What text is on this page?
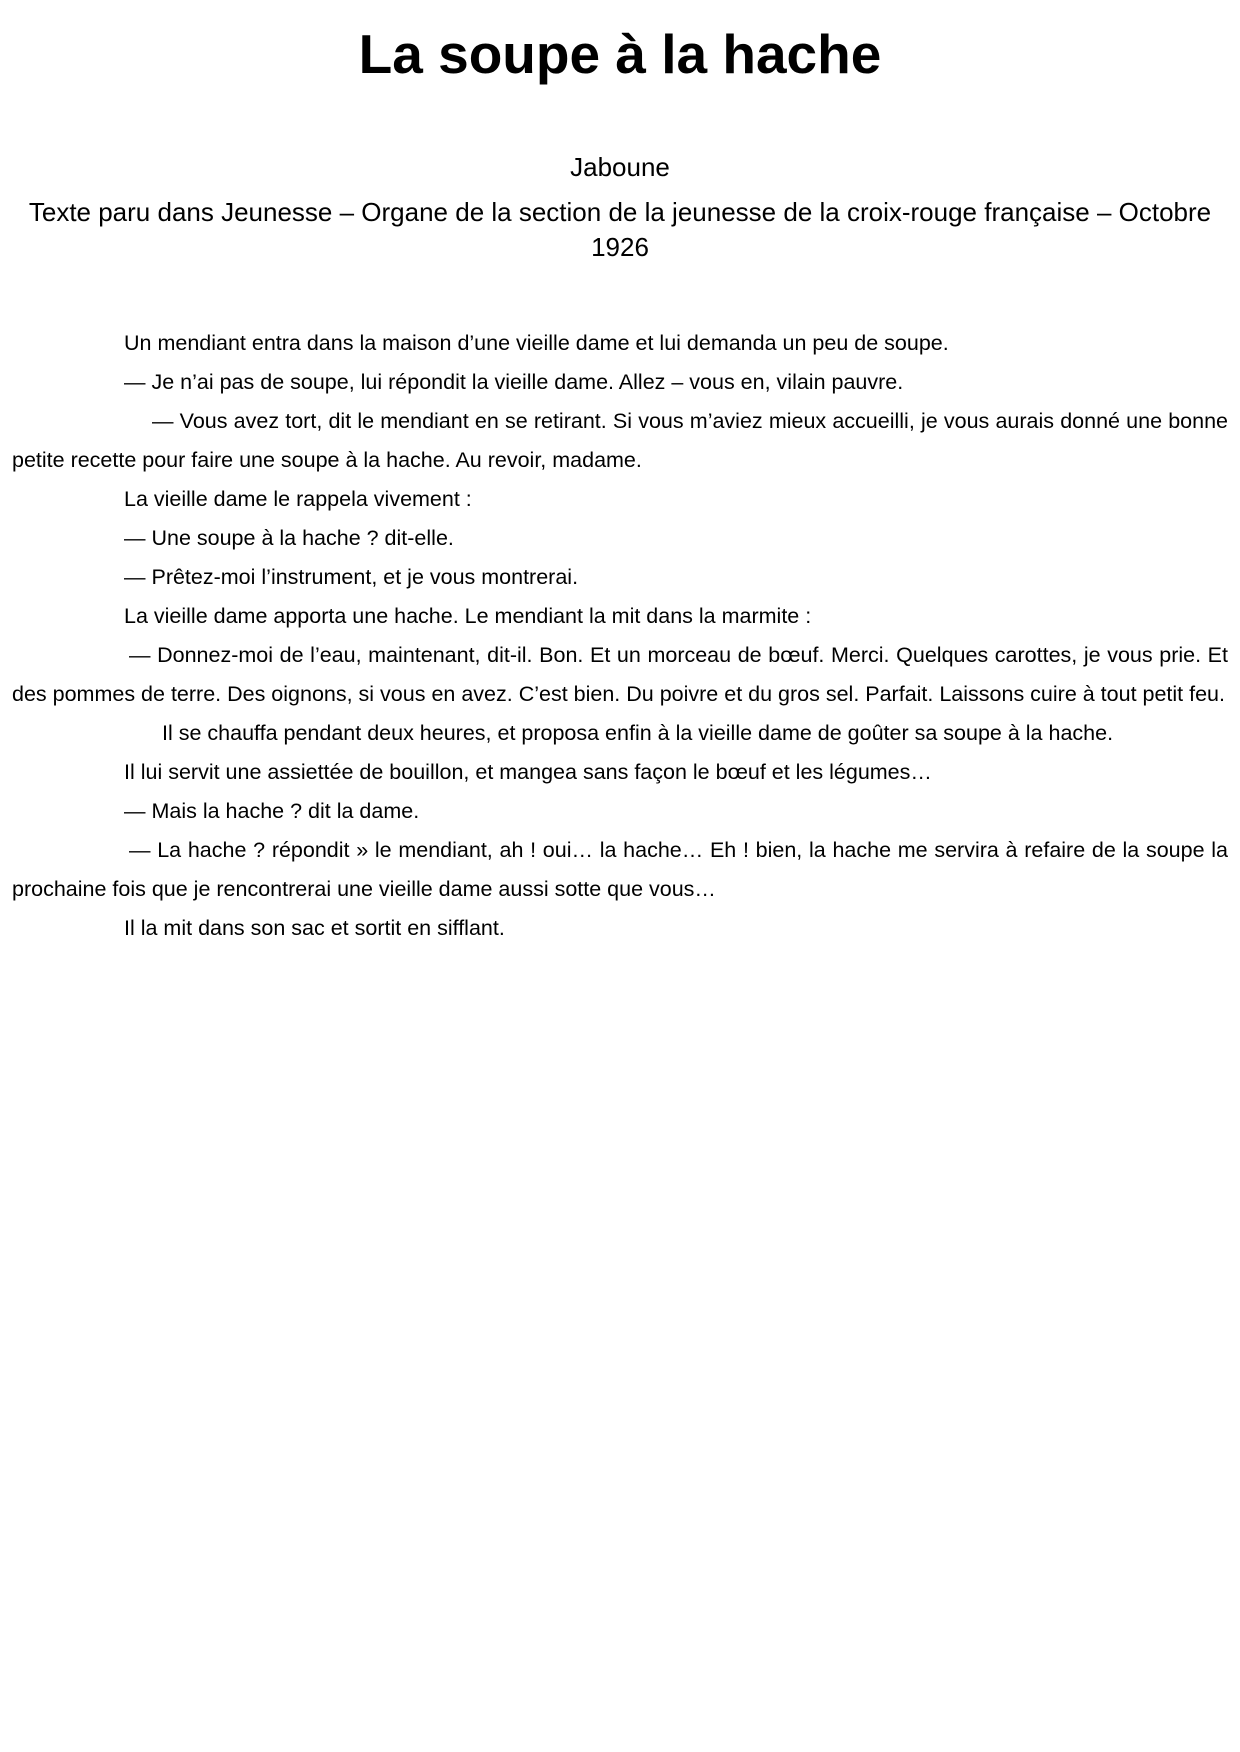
La soupe à la hache
Jaboune
Texte paru dans Jeunesse – Organe de la section de la jeunesse de la croix-rouge française – Octobre 1926

Un mendiant entra dans la maison d’une vieille dame et lui demanda un peu de soupe.

— Je n’ai pas de soupe, lui répondit la vieille dame. Allez – vous en, vilain pauvre.

— Vous avez tort, dit le mendiant en se retirant. Si vous m’aviez mieux accueilli, je vous aurais donné une bonne petite recette pour faire une soupe à la hache. Au revoir, madame.

La vieille dame le rappela vivement :

— Une soupe à la hache ? dit-elle.

— Prêtez-moi l’instrument, et je vous montrerai.

La vieille dame apporta une hache. Le mendiant la mit dans la marmite :

— Donnez-moi de l’eau, maintenant, dit-il. Bon. Et un morceau de bœuf. Merci. Quelques carottes, je vous prie. Et des pommes de terre. Des oignons, si vous en avez. C’est bien. Du poivre et du gros sel. Parfait. Laissons cuire à tout petit feu.

Il se chauffa pendant deux heures, et proposa enfin à la vieille dame de goûter sa soupe à la hache.

Il lui servit une assiettée de bouillon, et mangea sans façon le bœuf et les légumes…

— Mais la hache ? dit la dame.

— La hache ? répondit » le mendiant, ah ! oui… la hache… Eh ! bien, la hache me servira à refaire de la soupe la prochaine fois que je rencontrerai une vieille dame aussi sotte que vous…

Il la mit dans son sac et sortit en sifflant.
